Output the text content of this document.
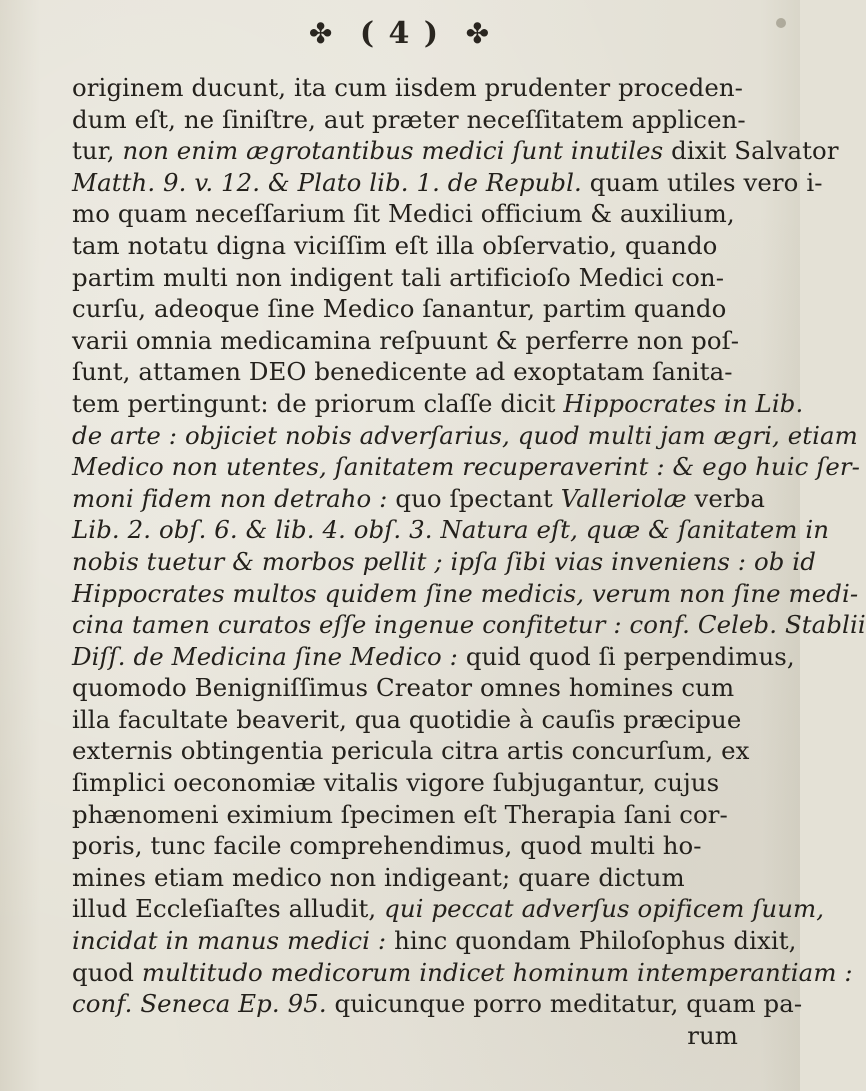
✤ ( 4 ) ✤
originem ducunt, ita cum iisdem prudenter proceden-
dum eſt, ne ſiniſtre, aut præter neceſſitatem applicen-
tur, non enim ægrotantibus medici ſunt inutiles dixit Salvator
Matth. 9. v. 12. & Plato lib. 1. de Republ. quam utiles vero i-
mo quam neceſſarium ſit Medici officium & auxilium,
tam notatu digna viciſſim eſt illa obſervatio, quando
partim multi non indigent tali artificioſo Medici con-
curſu, adeoque ſine Medico ſanantur, partim quando
varii omnia medicamina reſpuunt & perferre non poſ-
ſunt, attamen DEO benedicente ad exoptatam ſanita-
tem pertingunt: de priorum claſſe dicit Hippocrates in Lib.
de arte : objiciet nobis adverſarius, quod multi jam ægri, etiam
Medico non utentes, ſanitatem recuperaverint : & ego huic ſer-
moni fidem non detraho : quo ſpectant Valleriolæ verba
Lib. 2. obſ. 6. & lib. 4. obſ. 3. Natura eſt, quæ & ſanitatem in
nobis tuetur & morbos pellit ; ipſa ſibi vias inveniens : ob id
Hippocrates multos quidem ſine medicis, verum non ſine medi-
cina tamen curatos eſſe ingenue confitetur : conf. Celeb. Stablii
Diſſ. de Medicina ſine Medico : quid quod ſi perpendimus,
quomodo Benigniſſimus Creator omnes homines cum
illa facultate beaverit, qua quotidie à cauſis præcipue
externis obtingentia pericula citra artis concurſum, ex
ſimplici oeconomiæ vitalis vigore ſubjugantur, cujus
phænomeni eximium ſpecimen eſt Therapia ſani cor-
poris, tunc facile comprehendimus, quod multi ho-
mines etiam medico non indigeant; quare dictum
illud Eccleſiaſtes alludit, qui peccat adverſus opificem ſuum,
incidat in manus medici : hinc quondam Philoſophus dixit,
quod multitudo medicorum indicet hominum intemperantiam :
conf. Seneca Ep. 95. quicunque porro meditatur, quam pa-
rum
